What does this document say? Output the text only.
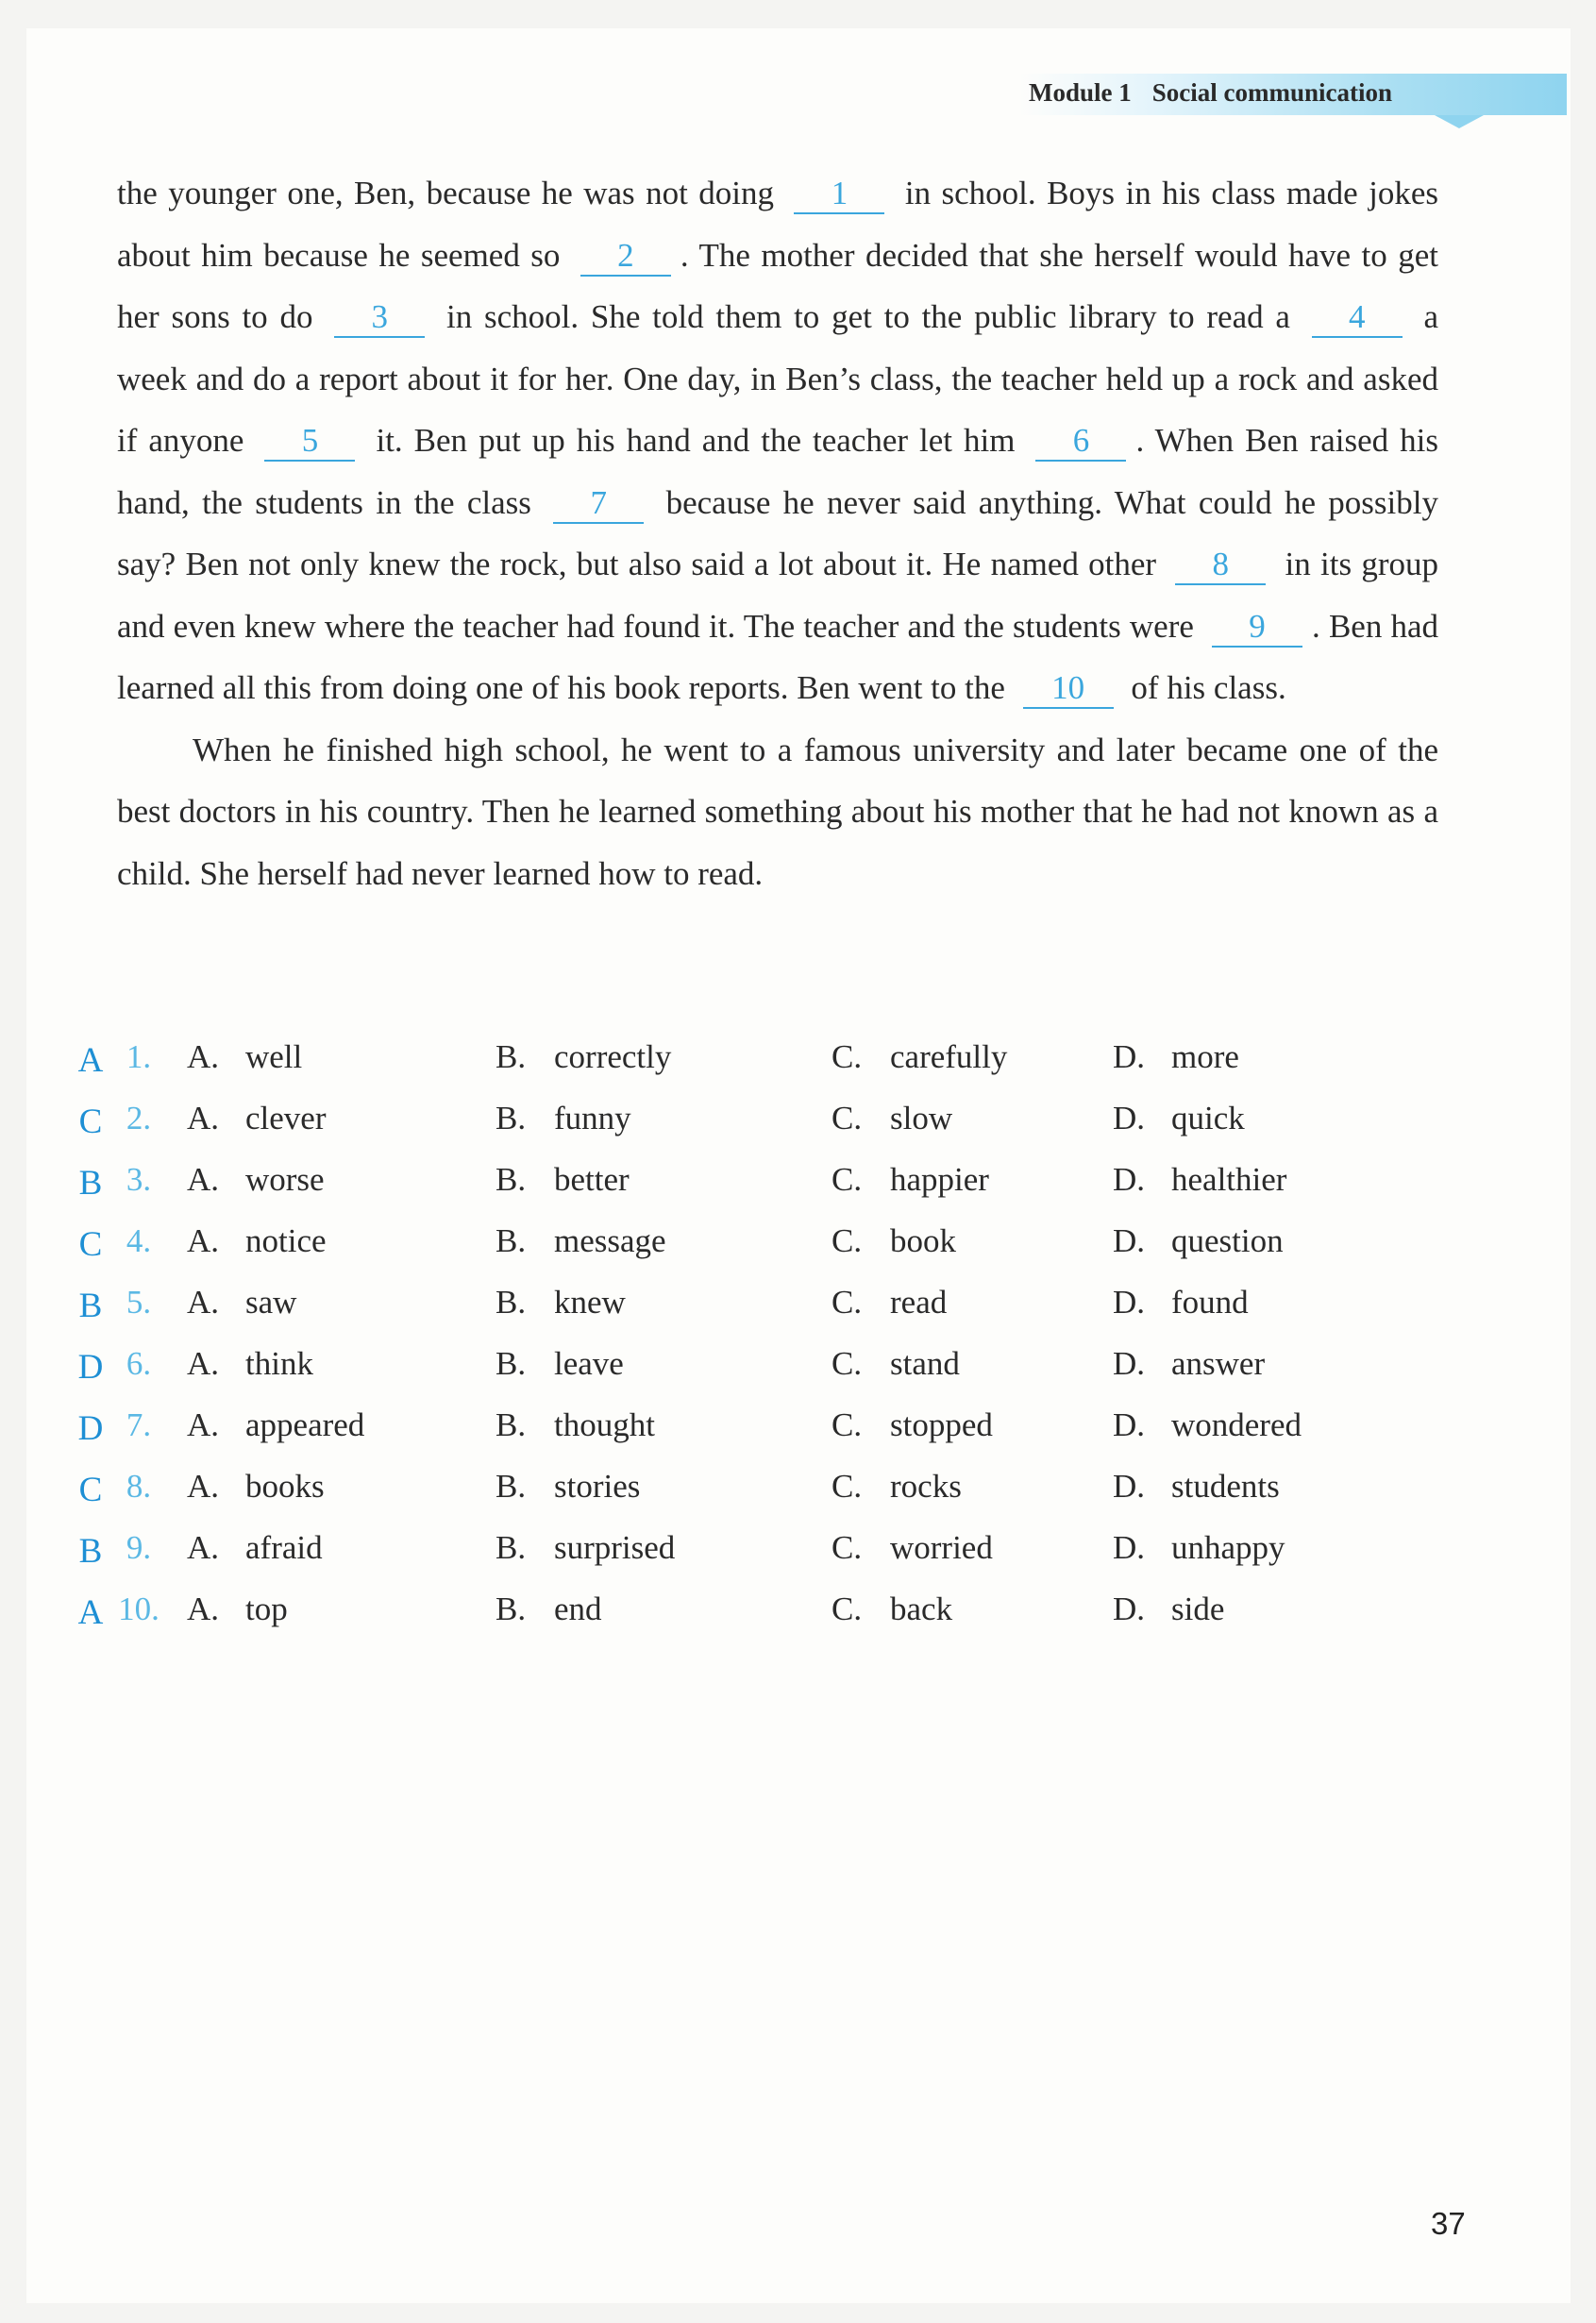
Module 1 Social communication

the younger one, Ben, because he was not doing 1 in school. Boys in his class made jokes about him because he seemed so 2 . The mother decided that she herself would have to get her sons to do 3 in school. She told them to get to the public library to read a 4 a week and do a report about it for her. One day, in Ben’s class, the teacher held up a rock and asked if anyone 5 it. Ben put up his hand and the teacher let him 6 . When Ben raised his hand, the students in the class 7 because he never said anything. What could he possibly say? Ben not only knew the rock, but also said a lot about it. He named other 8 in its group and even knew where the teacher had found it. The teacher and the students were 9 . Ben had learned all this from doing one of his book reports. Ben went to the 10 of his class.

When he finished high school, he went to a famous university and later became one of the best doctors in his country. Then he learned something about his mother that he had not known as a child. She herself had never learned how to read.

A 1.	A. well	B. correctly	C. carefully	D. more
C 2.	A. clever	B. funny	C. slow	D. quick
B 3.	A. worse	B. better	C. happier	D. healthier
C 4.	A. notice	B. message	C. book	D. question
B 5.	A. saw	B. knew	C. read	D. found
D 6.	A. think	B. leave	C. stand	D. answer
D 7.	A. appeared	B. thought	C. stopped	D. wondered
C 8.	A. books	B. stories	C. rocks	D. students
B 9.	A. afraid	B. surprised	C. worried	D. unhappy
A 10. A. top	B. end	C. back	D. side
37
